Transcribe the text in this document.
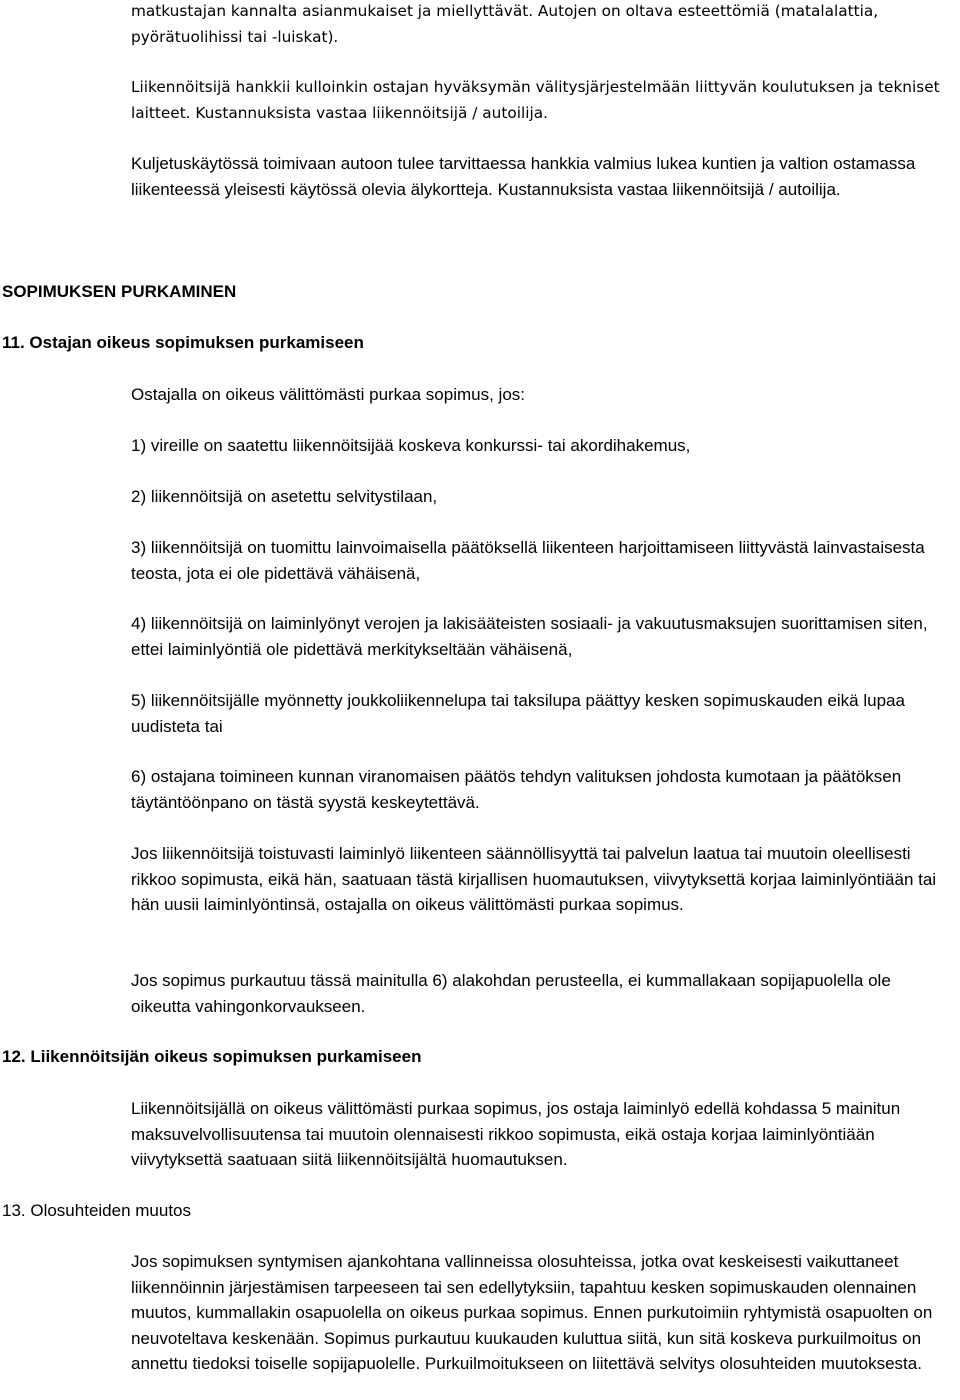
matkustajan kannalta asianmukaiset ja miellyttävät. Autojen on oltava esteettömiä (matalalattia, pyörätuolihissi tai -luiskat).

Liikennöitsijä hankkii kulloinkin ostajan hyväksymän välitysjärjestelmään liittyvän koulutuksen ja tekniset laitteet. Kustannuksista vastaa liikennöitsijä / autoilija.

Kuljetuskäytössä toimivaan autoon tulee tarvittaessa hankkia valmius lukea kuntien ja valtion ostamassa liikenteessä yleisesti käytössä olevia älykortteja. Kustannuksista vastaa liikennöitsijä / autoilija.

SOPIMUKSEN PURKAMINEN
11. Ostajan oikeus sopimuksen purkamiseen

Ostajalla on oikeus välittömästi purkaa sopimus, jos:

1) vireille on saatettu liikennöitsijää koskeva konkurssi- tai akordihakemus,

2) liikennöitsijä on asetettu selvitystilaan,

3) liikennöitsijä on tuomittu lainvoimaisella päätöksellä liikenteen harjoittamiseen liittyvästä lainvastaisesta teosta, jota ei ole pidettävä vähäisenä,

4) liikennöitsijä on laiminlyönyt verojen ja lakisääteisten sosiaali- ja vakuutusmaksujen suorittamisen siten, ettei laiminlyöntiä ole pidettävä merkitykseltään vähäisenä,

5) liikennöitsijälle myönnetty joukkoliikennelupa tai taksilupa päättyy kesken sopimuskauden eikä lupaa uudisteta tai

6) ostajana toimineen kunnan viranomaisen päätös tehdyn valituksen johdosta kumotaan ja päätöksen täytäntöönpano on tästä syystä keskeytettävä.

Jos liikennöitsijä toistuvasti laiminlyö liikenteen säännöllisyyttä tai palvelun laatua tai muutoin oleellisesti rikkoo sopimusta, eikä hän, saatuaan tästä kirjallisen huomautuksen, viivytyksettä korjaa laiminlyöntiään tai hän uusii laiminlyöntinsä, ostajalla on oikeus välittömästi purkaa sopimus.

Jos sopimus purkautuu tässä mainitulla 6) alakohdan perusteella, ei kummallakaan sopijapuolella ole oikeutta vahingonkorvaukseen.

12. Liikennöitsijän oikeus sopimuksen purkamiseen

Liikennöitsijällä on oikeus välittömästi purkaa sopimus, jos ostaja laiminlyö edellä kohdassa 5 mainitun maksuvelvollisuutensa tai muutoin olennaisesti rikkoo sopimusta, eikä ostaja korjaa laiminlyöntiään viivytyksettä saatuaan siitä liikennöitsijältä huomautuksen.

13. Olosuhteiden muutos

Jos sopimuksen syntymisen ajankohtana vallinneissa olosuhteissa, jotka ovat keskeisesti vaikuttaneet liikennöinnin järjestämisen tarpeeseen tai sen edellytyksiin, tapahtuu kesken sopimuskauden olennainen muutos, kummallakin osapuolella on oikeus purkaa sopimus. Ennen purkutoimiin ryhtymistä osapuolten on neuvoteltava keskenään. Sopimus purkautuu kuukauden kuluttua siitä, kun sitä koskeva purkuilmoitus on annettu tiedoksi toiselle sopijapuolelle. Purkuilmoitukseen on liitettävä selvitys olosuhteiden muutoksesta.
